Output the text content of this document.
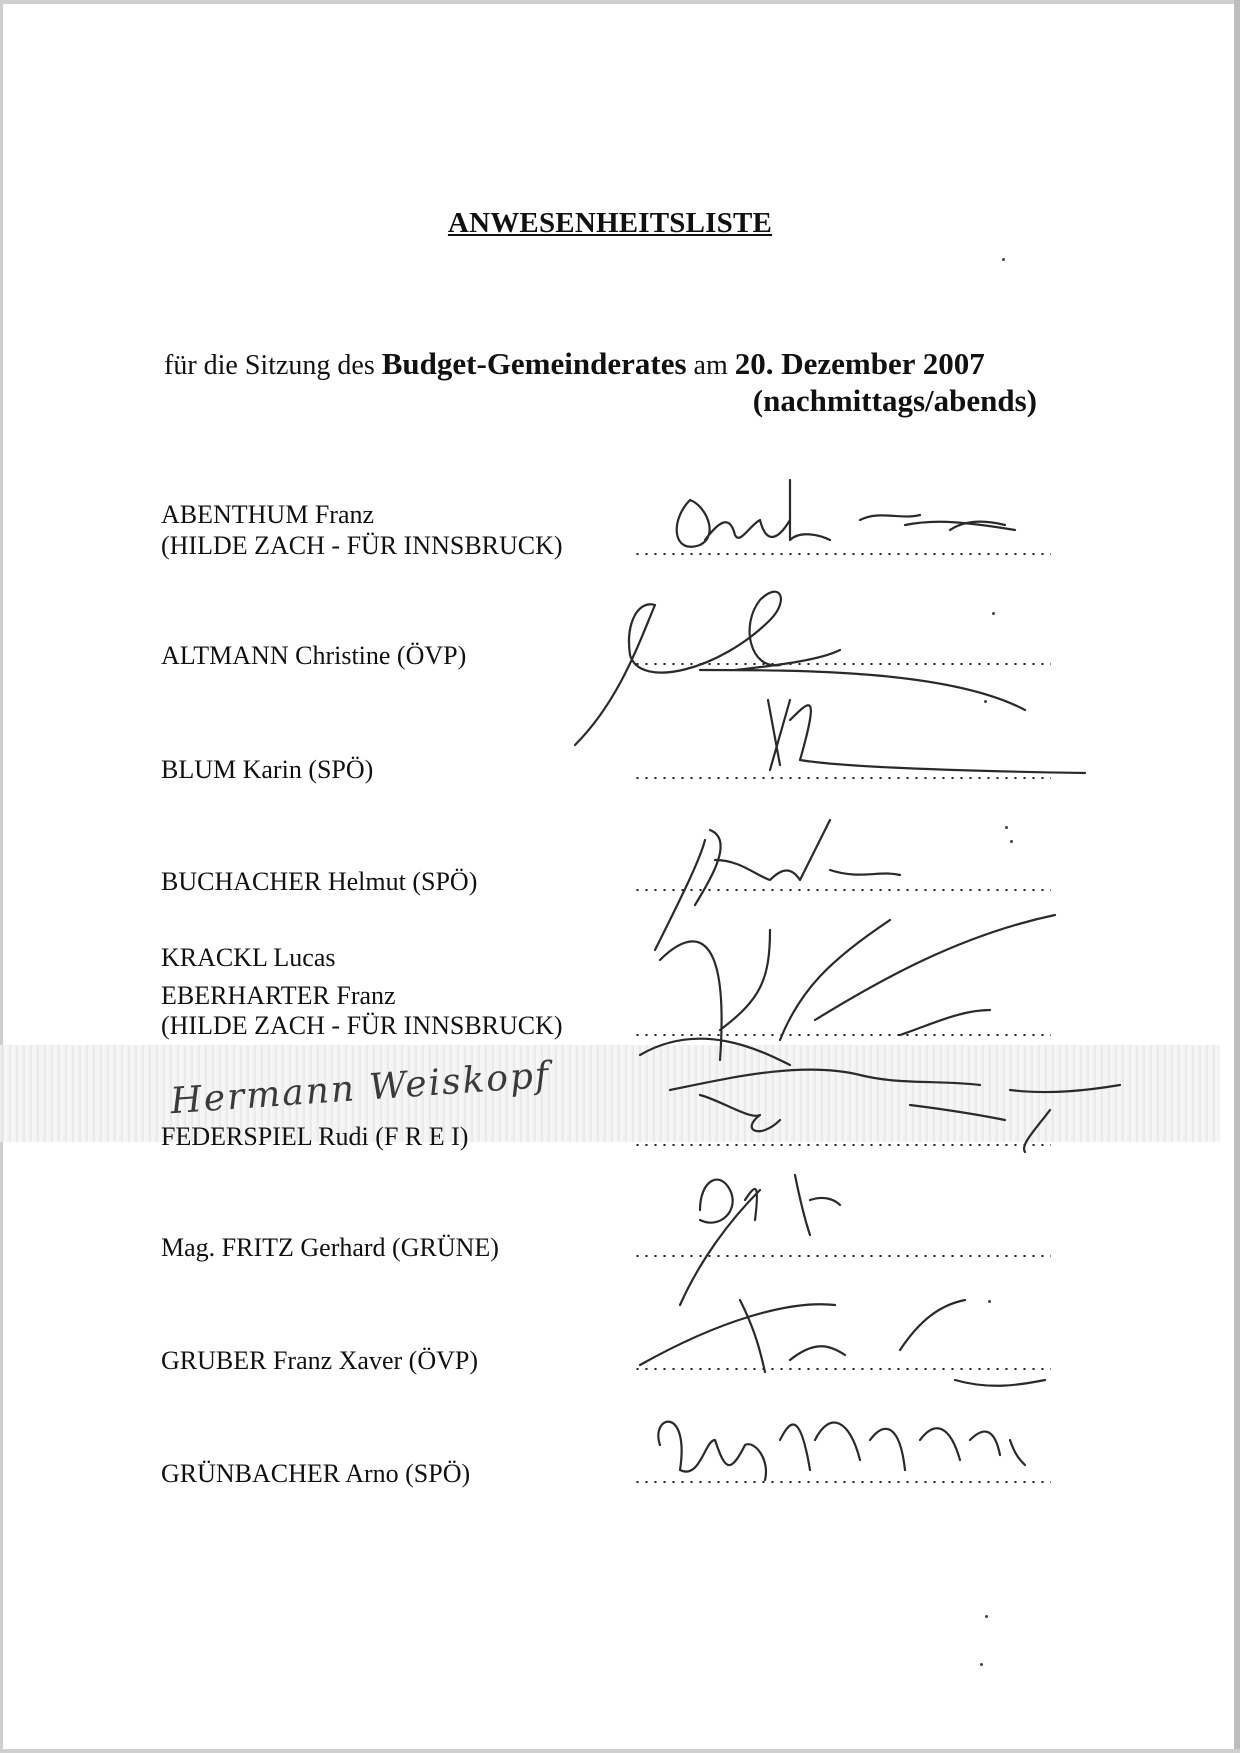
ANWESENHEITSLISTE
für die Sitzung des Budget-Gemeinderates am 20. Dezember 2007
(nachmittags/abends)
ABENTHUM Franz
(HILDE ZACH - FÜR INNSBRUCK)
ALTMANN Christine (ÖVP)
BLUM Karin (SPÖ)
BUCHACHER Helmut (SPÖ)
KRACKL Lucas
EBERHARTER Franz
(HILDE ZACH - FÜR INNSBRUCK)
FEDERSPIEL Rudi (F R E I)
Mag. FRITZ Gerhard (GRÜNE)
GRUBER Franz Xaver (ÖVP)
GRÜNBACHER Arno (SPÖ)
Hermann Weiskopf
